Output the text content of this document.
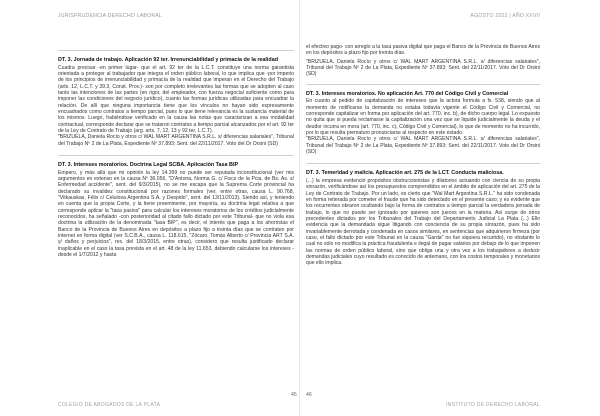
JURISPRUDENCIA DERECHO LABORAL

DT. 3. Jornada de trabajo. Aplicación 92 ter. Irrenunciabilidad y primacía de la realidad

Cuadra precisar -en primer lugar- que el art. 92 ter de la L.C.T. constituye una norma garantista orientada a proteger al trabajador que integra el orden público laboral, lo que implica que -por imperio de los principios de irrenunciabilidad y primacía de la realidad que imperan en el Derecho del Trabajo (arts. 12, L.C.T. y 39.3, Const. Prov.)- son por completo irrelevantes las formas que se adopten al caso tanto las intenciones de las partes (en rigor, del empleador, con fuerza negocial suficiente como para imponer las condiciones del negocio jurídico), cuanto las formas jurídicas utilizadas para encuadrar la relación. De allí que ninguna importancia tiene que los vínculos no hayan sido expresamente encuadrados como contratos a tiempo parcial, pues lo que tiene relevancia es la sustancia material de los mismos. Luego, habiéndose verificado en la causa las notas que caracterizan a esa modalidad contractual, corresponde declarar que se trataron contratos a tiempo parcial alcanzados por el art. 92 ter de la Ley de Contrato de Trabajo (arg. arts. 7, 12, 13 y 92 ter, L.C.T).

"BRIZUELA, Daniela Rocío y otros c/ WAL MART ARGENTINA S.R.L. s/ diferencias salariales", Tribunal del Trabajo Nº 2 de La Plata, Expediente Nº 37.893; Sent. del 22/11/2017. Voto del Dr Orsini (SD)

DT. 3. Intereses moratorios. Doctrina Legal SCBA. Aplicación Tasa BIP

Empero, y más allá que mi opinión la ley 14.399 no puede ser reputada inconstitucional (ver mis argumentos en extenso en la causa Nº 36.056, "D'Antona, Norma G. c/ Fisco de la Pcia. de Bs. As. s/ Enfermedad accidente", sent. del 9/3/2015), no se me escapa que la Suprema Corte provincial ha declarado su invalidez constitucional por razones formales (ver, entre otras, causa L. 90.768, "Vitkauskas, Félix c/ Celulosa Argentina S.A. y Despido", sent. del 13/11/2013). Siendo así, y teniendo en cuenta que la propia Corte, y la tiene preeminente, por mayoría, su doctrina legal relativa a que corresponde aplicar la "tasa pasiva" para calcular los intereses moratorios de los créditos judicialmente reconocidos, ha señalado -con posterioridad al citado fallo dictado por este Tribunal- que no viola esa doctrina la utilización de la denominada "tasa BIP", es decir, el interés que paga a los ahorristas el Banco de la Provincia de Buenos Aires en depósitos a plazo fijo a treinta días que se contraten por internet en forma digital (ver S.C.B.A., causa L. 118.615, "Zócaro, Tomás Alberto c/ Provincia ART S.A. y/ daños y perjuicios", res. del 18/3/2015, entre otras), considero que resulta justificado declarar inaplicable en el caso la tasa prevista en el art. 48 de la ley 11.653, debiendo calcularse los intereses -desde el 1/7/2012 y hasta

45
COLEGIO DE ABOGADOS DE LA PLATA
AGOSTO 2022 | AÑO XXVII

el efectivo pago- con arreglo a la tasa pasiva digital que paga el Banco de la Provincia de Buenos Aires en los depósitos a plazo fijo por treinta días.

"BRIZUELA, Daniela Rocío y otros c/ WAL MART ARGENTINA S.R.L. s/ diferencias salariales", Tribunal del Trabajo Nº 2 de La Plata, Expediente Nº 37.893; Sent. del 22/11/2017. Voto del Dr Orsini (SD)

DT. 3. Intereses moratorios. No aplicación Art. 770 del Código Civil y Comercial

En cuanto al pedido de capitalización de intereses que la actora formula a fs. 538, siendo que al momento de notificarse la demanda no estaba todavía vigente el Código Civil y Comercial, no corresponde capitalizar en forma por aplicación del art. 770, inc. b), de dicho cuerpo legal. Lo expuesto no quita que si pueda reclamarse la capitalización una vez que se liquide judicialmente la deuda y el deudor incurra en mora (art. 770, inc. c), Código Civil y Comercial), lo que de momento no ha incurrido, por lo que resulta prematuro pronunciarse al respecto en este estado.

"BRIZUELA, Daniela Rocío y otros c/ WAL MART ARGENTINA S.R.L. s/ diferencias salariales", Tribunal del Trabajo Nº 2 de La Plata, Expediente Nº 37.893; Sent. del 22/11/2017. Voto del Dr Orsini (SD)

DT. 3. Temeridad y malicia. Aplicación art. 275 de la LCT. Conducta maliciosa.

(...) la empresa evidenció propósitos obstruccionistas y dilatorios actuando con ciencia de su propia sinrazón, verificándose así los presupuestos comprendidos en el ámbito de aplicación del art. 275 de la Ley de Contrato de Trabajo. Por un lado, es cierto que "Wal Mart Argentina S.R.L." ha sido condenada en forma reiterada por cometer el fraude que ha sido detectado en el presente caso; y es evidente que los recurrentes obraron ocultando bajo la forma de contratos a tiempo parcial la verdadera jornada de trabajo, lo que no puede ser ignorado por quienes son jueces en la materia. Así surge de otros precedentes dictados por los Tribunales del Trabajo del Departamento Judicial La Plata (...) Ello evidencia que la demandada sigue litigando con conciencia de su propia sinrazón, pues ha sido invariablemente derrotada y condenada en casos similares, en sentencias que adquirieron firmeza (por caso, el fallo dictado por este Tribunal en la causa "Garda" no fue siquiera recurrido), no obstante lo cual no sólo no modifica la práctica fraudulenta e ilegal de pagar salarios por debajo de lo que imponen las normas de orden público laboral, sino que obliga una y otra vez a los trabajadores a deducir demandas judiciales cuyo resultado es conocido de antemano, con los costos temporales y monetarios que ello implica.

46
INSTITUTO DE DERECHO LABORAL
